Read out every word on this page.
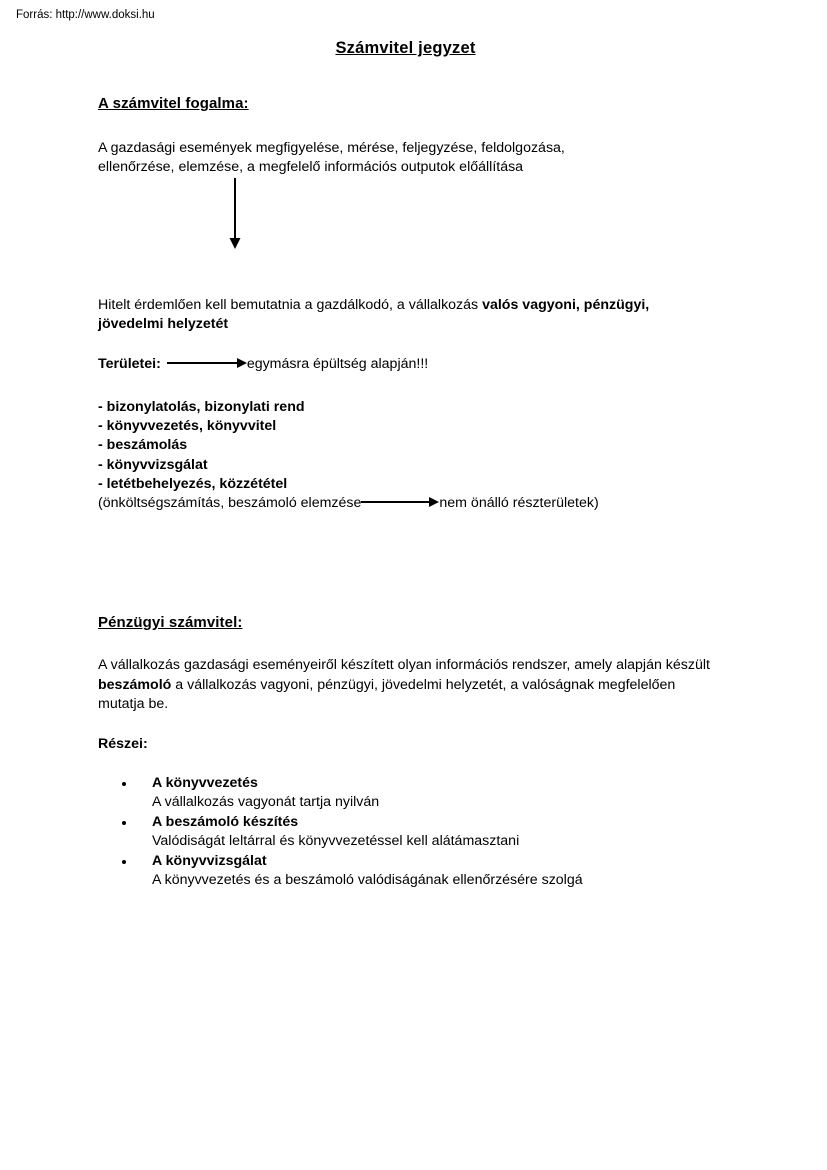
Forrás: http://www.doksi.hu
Számvitel jegyzet
A számvitel fogalma:
A gazdasági események megfigyelése, mérése, feljegyzése, feldolgozása,
ellenőrzése, elemzése, a megfelelő információs outputok előállítása
Hitelt érdemlően kell bemutatnia a gazdálkodó, a vállalkozás valós vagyoni, pénzügyi, jövedelmi helyzetét
Területei:	egymásra épültség alapján!!!
- bizonylatolás, bizonylati rend
- könyvvezetés, könyvvitel
- beszámolás
- könyvvizsgálat
- letétbehelyezés, közzététel
(önköltségszámítás, beszámoló elemzése	nem önálló részterületek)
Pénzügyi számvitel:
A vállalkozás gazdasági eseményeiről készített olyan információs rendszer, amely alapján készült beszámoló a vállalkozás vagyoni, pénzügyi, jövedelmi helyzetét, a valóságnak megfelelően mutatja be.
Részei:
A könyvvezetés
A vállalkozás vagyonát tartja nyilván
A beszámoló készítés
Valódiságát leltárral és könyvvezetéssel kell alátámasztani
A könyvvizsgálat
A könyvvezetés és a beszámoló valódiságának ellenőrzésére szolgá
